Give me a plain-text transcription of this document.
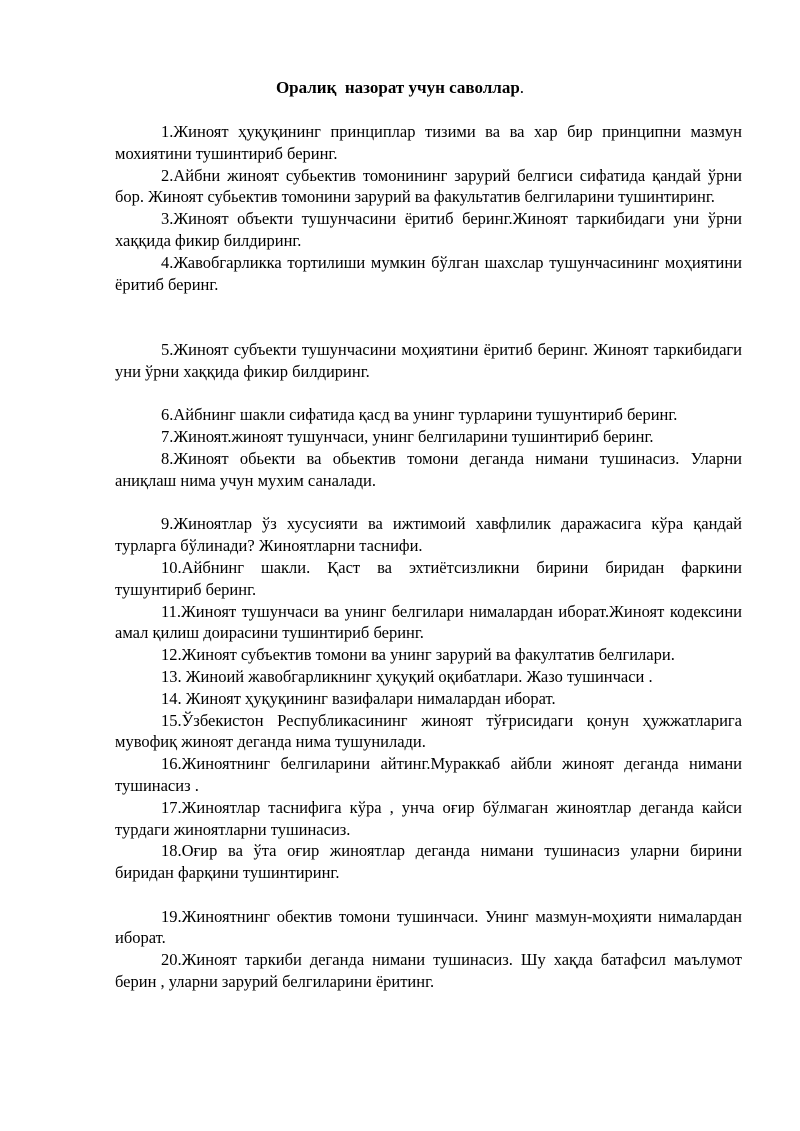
Оралиқ  назорат учун саволлар.

1.Жиноят ҳуқуқининг принциплар тизими ва ва хар бир принципни мазмун мохиятини тушинтириб беринг.

2.Айбни жиноят субьектив томонининг зарурий белгиси сифатида қандай ўрни бор. Жиноят субьектив томонини зарурий ва факультатив белгиларини тушинтиринг.

3.Жиноят объекти тушунчасини ёритиб беринг.Жиноят таркибидаги уни ўрни хаққида фикир билдиринг.

4.Жавобгарликка тортилиши мумкин бўлган шахслар тушунчасининг моҳиятини ёритиб беринг.

5.Жиноят субъекти тушунчасини моҳиятини ёритиб беринг. Жиноят таркибидаги уни ўрни хаққида фикир билдиринг.

6.Айбнинг шакли сифатида қасд ва унинг турларини тушунтириб беринг.

7.Жиноят.жиноят тушунчаси, унинг белгиларини тушинтириб беринг.

8.Жиноят обьекти ва обьектив томони деганда нимани тушинасиз. Уларни аниқлаш нима учун мухим саналади.

9.Жиноятлар ўз хусусияти ва ижтимоий хавфлилик даражасига кўра қандай турларга бўлинади? Жиноятларни таснифи.

10.Айбнинг шакли. Қаст ва эхтиётсизликни бирини биридан фаркини тушунтириб беринг.

11.Жиноят тушунчаси ва унинг белгилари нималардан иборат.Жиноят кодексини амал қилиш доирасини тушинтириб беринг.

12.Жиноят субъектив томони ва унинг зарурий ва факултатив белгилари.

13. Жиноий жавобгарликнинг ҳуқуқий оқибатлари. Жазо тушинчаси .

14. Жиноят ҳуқуқининг вазифалари нималардан иборат.

15.Ўзбекистон Республикасининг жиноят тўғрисидаги қонун ҳужжатларига мувофиқ жиноят деганда нима тушунилади.

16.Жиноятнинг белгиларини айтинг.Мураккаб айбли жиноят деганда нимани тушинасиз .

17.Жиноятлар таснифига кўра , унча оғир бўлмаган жиноятлар деганда кайси турдаги жиноятларни тушинасиз.

18.Оғир ва ўта оғир жиноятлар деганда нимани тушинасиз уларни бирини биридан фарқини тушинтиринг.

19.Жиноятнинг обектив томони тушинчаси. Унинг мазмун-моҳияти нималардан иборат.

20.Жиноят таркиби деганда нимани тушинасиз. Шу хақда батафсил маълумот берин , уларни зарурий белгиларини ёритинг.
